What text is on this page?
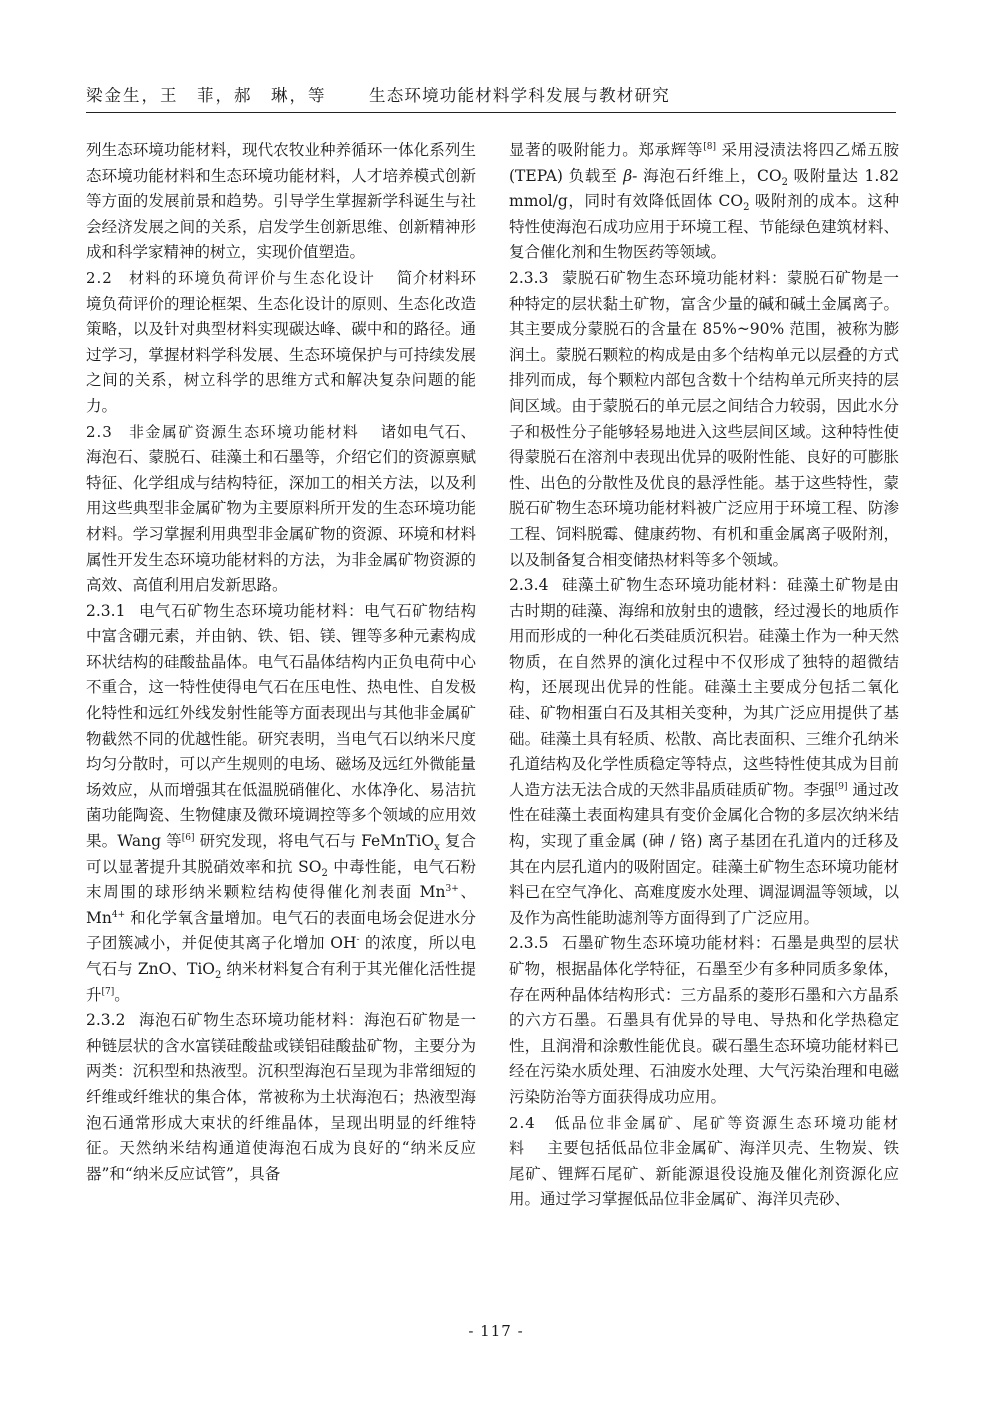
梁金生，王　菲，郝　琳，等	生态环境功能材料学科发展与教材研究

列生态环境功能材料，现代农牧业种养循环一体化系列生态环境功能材料和生态环境功能材料，人才培养模式创新等方面的发展前景和趋势。引导学生掌握新学科诞生与社会经济发展之间的关系，启发学生创新思维、创新精神形成和科学家精神的树立，实现价值塑造。

2.2 材料的环境负荷评价与生态化设计 简介材料环境负荷评价的理论框架、生态化设计的原则、生态化改造策略，以及针对典型材料实现碳达峰、碳中和的路径。通过学习，掌握材料学科发展、生态环境保护与可持续发展之间的关系，树立科学的思维方式和解决复杂问题的能力。

2.3 非金属矿资源生态环境功能材料 诸如电气石、海泡石、蒙脱石、硅藻土和石墨等，介绍它们的资源禀赋特征、化学组成与结构特征，深加工的相关方法，以及利用这些典型非金属矿物为主要原料所开发的生态环境功能材料。学习掌握利用典型非金属矿物的资源、环境和材料属性开发生态环境功能材料的方法，为非金属矿物资源的高效、高值利用启发新思路。

2.3.1 电气石矿物生态环境功能材料：电气石矿物结构中富含硼元素，并由钠、铁、铝、镁、锂等多种元素构成环状结构的硅酸盐晶体。电气石晶体结构内正负电荷中心不重合，这一特性使得电气石在压电性、热电性、自发极化特性和远红外线发射性能等方面表现出与其他非金属矿物截然不同的优越性能。研究表明，当电气石以纳米尺度均匀分散时，可以产生规则的电场、磁场及远红外微能量场效应，从而增强其在低温脱硝催化、水体净化、易洁抗菌功能陶瓷、生物健康及微环境调控等多个领域的应用效果。Wang 等[6] 研究发现，将电气石与 FeMnTiO$_x$ 复合可以显著提升其脱硝效率和抗 $SO_2$ 中毒性能，电气石粉末周围的球形纳米颗粒结构使得催化剂表面 $Mn^{3+}$、$Mn^{4+}$ 和化学氧含量增加。电气石的表面电场会促进水分子团簇减小，并促使其离子化增加 OH- 的浓度，所以电气石与 ZnO、TiO$_2$ 纳米材料复合有利于其光催化活性提升[7]。

2.3.2 海泡石矿物生态环境功能材料：海泡石矿物是一种链层状的含水富镁硅酸盐或镁铝硅酸盐矿物，主要分为两类：沉积型和热液型。沉积型海泡石呈现为非常细短的纤维或纤维状的集合体，常被称为土状海泡石；热液型海泡石通常形成大束状的纤维晶体，呈现出明显的纤维特征。天然纳米结构通道使海泡石成为良好的“纳米反应器”和“纳米反应试管”，具备

显著的吸附能力。郑承辉等[8] 采用浸渍法将四乙烯五胺 (TEPA) 负载至 β- 海泡石纤维上，$CO_2$ 吸附量达 1.82 mmol/g，同时有效降低固体 $CO_2$ 吸附剂的成本。这种特性使海泡石成功应用于环境工程、节能绿色建筑材料、复合催化剂和生物医药等领域。

2.3.3 蒙脱石矿物生态环境功能材料：蒙脱石矿物是一种特定的层状黏土矿物，富含少量的碱和碱土金属离子。其主要成分蒙脱石的含量在 85%~90% 范围，被称为膨润土。蒙脱石颗粒的构成是由多个结构单元以层叠的方式排列而成，每个颗粒内部包含数十个结构单元所夹持的层间区域。由于蒙脱石的单元层之间结合力较弱，因此水分子和极性分子能够轻易地进入这些层间区域。这种特性使得蒙脱石在溶剂中表现出优异的吸附性能、良好的可膨胀性、出色的分散性及优良的悬浮性能。基于这些特性，蒙脱石矿物生态环境功能材料被广泛应用于环境工程、防渗工程、饲料脱霉、健康药物、有机和重金属离子吸附剂，以及制备复合相变储热材料等多个领域。

2.3.4 硅藻土矿物生态环境功能材料：硅藻土矿物是由古时期的硅藻、海绵和放射虫的遗骸，经过漫长的地质作用而形成的一种化石类硅质沉积岩。硅藻土作为一种天然物质，在自然界的演化过程中不仅形成了独特的超微结构，还展现出优异的性能。硅藻土主要成分包括二氧化硅、矿物相蛋白石及其相关变种，为其广泛应用提供了基础。硅藻土具有轻质、松散、高比表面积、三维介孔纳米孔道结构及化学性质稳定等特点，这些特性使其成为目前人造方法无法合成的天然非晶质硅质矿物。李强[9] 通过改性在硅藻土表面构建具有变价金属化合物的多层次纳米结构，实现了重金属 (砷 / 铬) 离子基团在孔道内的迁移及其在内层孔道内的吸附固定。硅藻土矿物生态环境功能材料已在空气净化、高难度废水处理、调湿调温等领域，以及作为高性能助滤剂等方面得到了广泛应用。

2.3.5 石墨矿物生态环境功能材料：石墨是典型的层状矿物，根据晶体化学特征，石墨至少有多种同质多象体，存在两种晶体结构形式：三方晶系的菱形石墨和六方晶系的六方石墨。石墨具有优异的导电、导热和化学热稳定性，且润滑和涂敷性能优良。碳石墨生态环境功能材料已经在污染水质处理、石油废水处理、大气污染治理和电磁污染防治等方面获得成功应用。

2.4 低品位非金属矿、尾矿等资源生态环境功能材料 主要包括低品位非金属矿、海洋贝壳、生物炭、铁尾矿、锂辉石尾矿、新能源退役设施及催化剂资源化应用。通过学习掌握低品位非金属矿、海洋贝壳砂、

- 117 -
